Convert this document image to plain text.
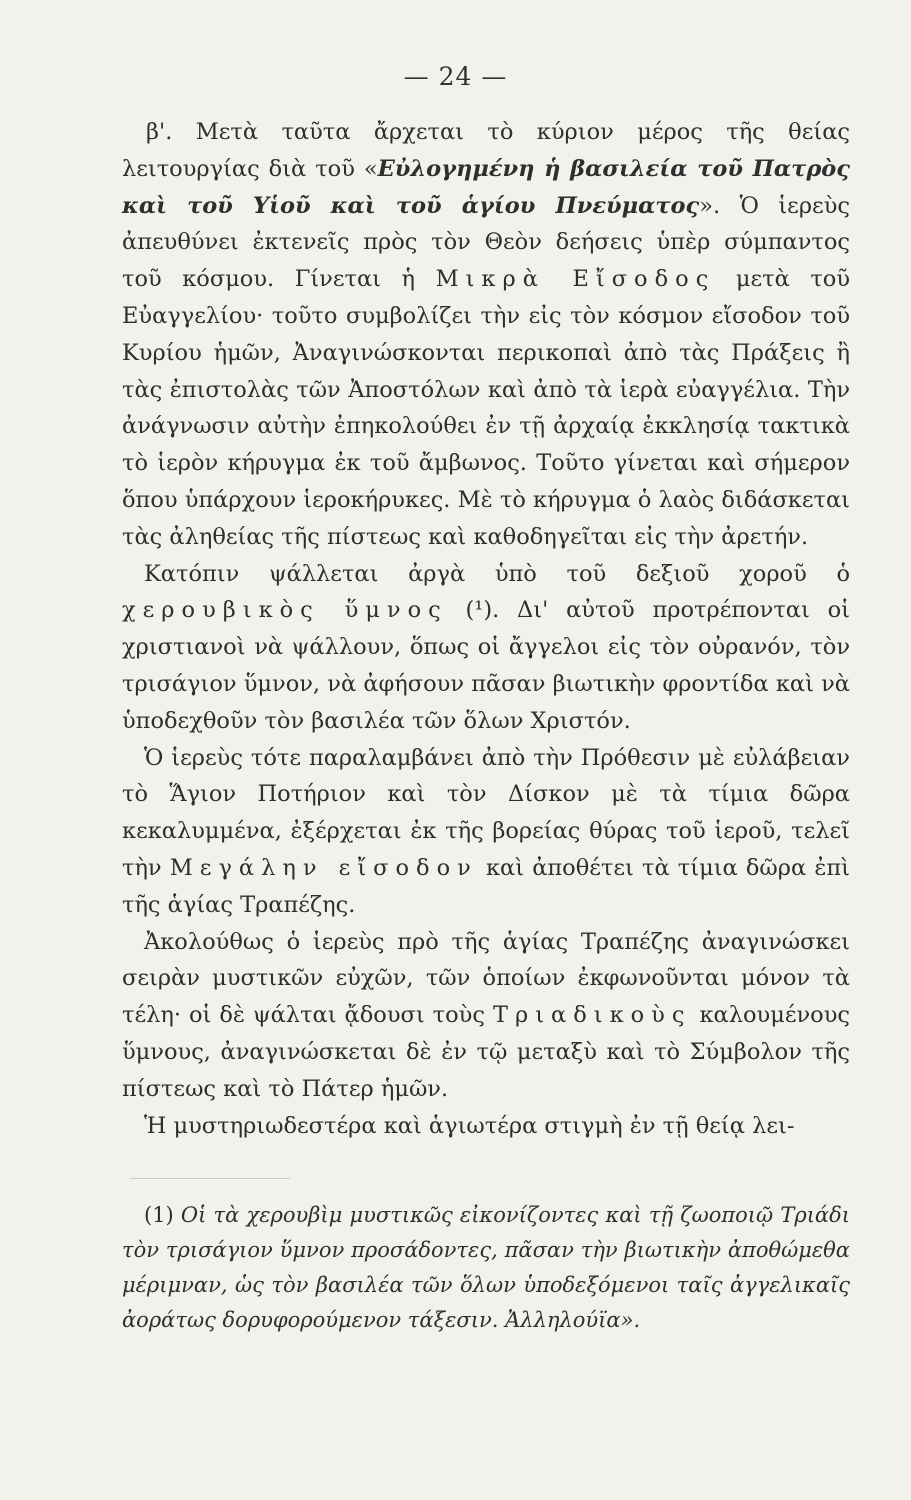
— 24 —

β'. Μετὰ ταῦτα ἄρχεται τὸ κύριον μέρος τῆς θείας λειτουργίας διὰ τοῦ «Εὐλογημένη ἡ βασιλεία τοῦ Πατρὸς καὶ τοῦ Υἱοῦ καὶ τοῦ ἁγίου Πνεύματος». Ὁ ἱερεὺς ἀπευθύνει ἐκτενεῖς πρὸς τὸν Θεὸν δεήσεις ὑπὲρ σύμπαντος τοῦ κόσμου. Γίνεται ἡ Μικρὰ Εἴσοδος μετὰ τοῦ Εὐαγγελίου· τοῦτο συμβολίζει τὴν εἰς τὸν κόσμον εἴσοδον τοῦ Κυρίου ἡμῶν, Ἀναγινώσκονται περικοπαὶ ἀπὸ τὰς Πράξεις ἢ τὰς ἐπιστολὰς τῶν Ἀποστόλων καὶ ἀπὸ τὰ ἱερὰ εὐαγγέλια. Τὴν ἀνάγνωσιν αὐτὴν ἐπηκολούθει ἐν τῇ ἀρχαίᾳ ἐκκλησίᾳ τακτικὰ τὸ ἱερὸν κήρυγμα ἐκ τοῦ ἄμβωνος. Τοῦτο γίνεται καὶ σήμερον ὅπου ὑπάρχουν ἱεροκήρυκες. Μὲ τὸ κήρυγμα ὁ λαὸς διδάσκεται τὰς ἀληθείας τῆς πίστεως καὶ καθοδηγεῖται εἰς τὴν ἀρετήν.

Κατόπιν ψάλλεται ἀργὰ ὑπὸ τοῦ δεξιοῦ χοροῦ ὁ χερουβικὸς ὕμνος (¹). Δι' αὐτοῦ προτρέπονται οἱ χριστιανοὶ νὰ ψάλλουν, ὅπως οἱ ἄγγελοι εἰς τὸν οὐρανόν, τὸν τρισάγιον ὕμνον, νὰ ἀφήσουν πᾶσαν βιωτικὴν φροντίδα καὶ νὰ ὑποδεχθοῦν τὸν βασιλέα τῶν ὅλων Χριστόν.

Ὁ ἱερεὺς τότε παραλαμβάνει ἀπὸ τὴν Πρόθεσιν μὲ εὐλάβειαν τὸ Ἅγιον Ποτήριον καὶ τὸν Δίσκον μὲ τὰ τίμια δῶρα κεκαλυμμένα, ἐξέρχεται ἐκ τῆς βορείας θύρας τοῦ ἱεροῦ, τελεῖ τὴν Μεγάλην εἴσοδον καὶ ἀποθέτει τὰ τίμια δῶρα ἐπὶ τῆς ἁγίας Τραπέζης.

Ἀκολούθως ὁ ἱερεὺς πρὸ τῆς ἁγίας Τραπέζης ἀναγινώσκει σειρὰν μυστικῶν εὐχῶν, τῶν ὁποίων ἐκφωνοῦνται μόνον τὰ τέλη· οἱ δὲ ψάλται ᾄδουσι τοὺς Τριαδικοὺς καλουμένους ὕμνους, ἀναγινώσκεται δὲ ἐν τῷ μεταξὺ καὶ τὸ Σύμβολον τῆς πίστεως καὶ τὸ Πάτερ ἡμῶν.

Ἡ μυστηριωδεστέρα καὶ ἁγιωτέρα στιγμὴ ἐν τῇ θείᾳ λει-

(1) Οἱ τὰ χερουβὶμ μυστικῶς εἰκονίζοντες καὶ τῇ ζωοποιῷ Τριάδι τὸν τρισάγιον ὕμνον προσάδοντες, πᾶσαν τὴν βιωτικὴν ἀποθώμεθα μέριμναν, ὡς τὸν βασιλέα τῶν ὅλων ὑποδεξόμενοι ταῖς ἀγγελικαῖς ἀοράτως δορυφορούμενον τάξεσιν. Ἀλληλούϊα».
